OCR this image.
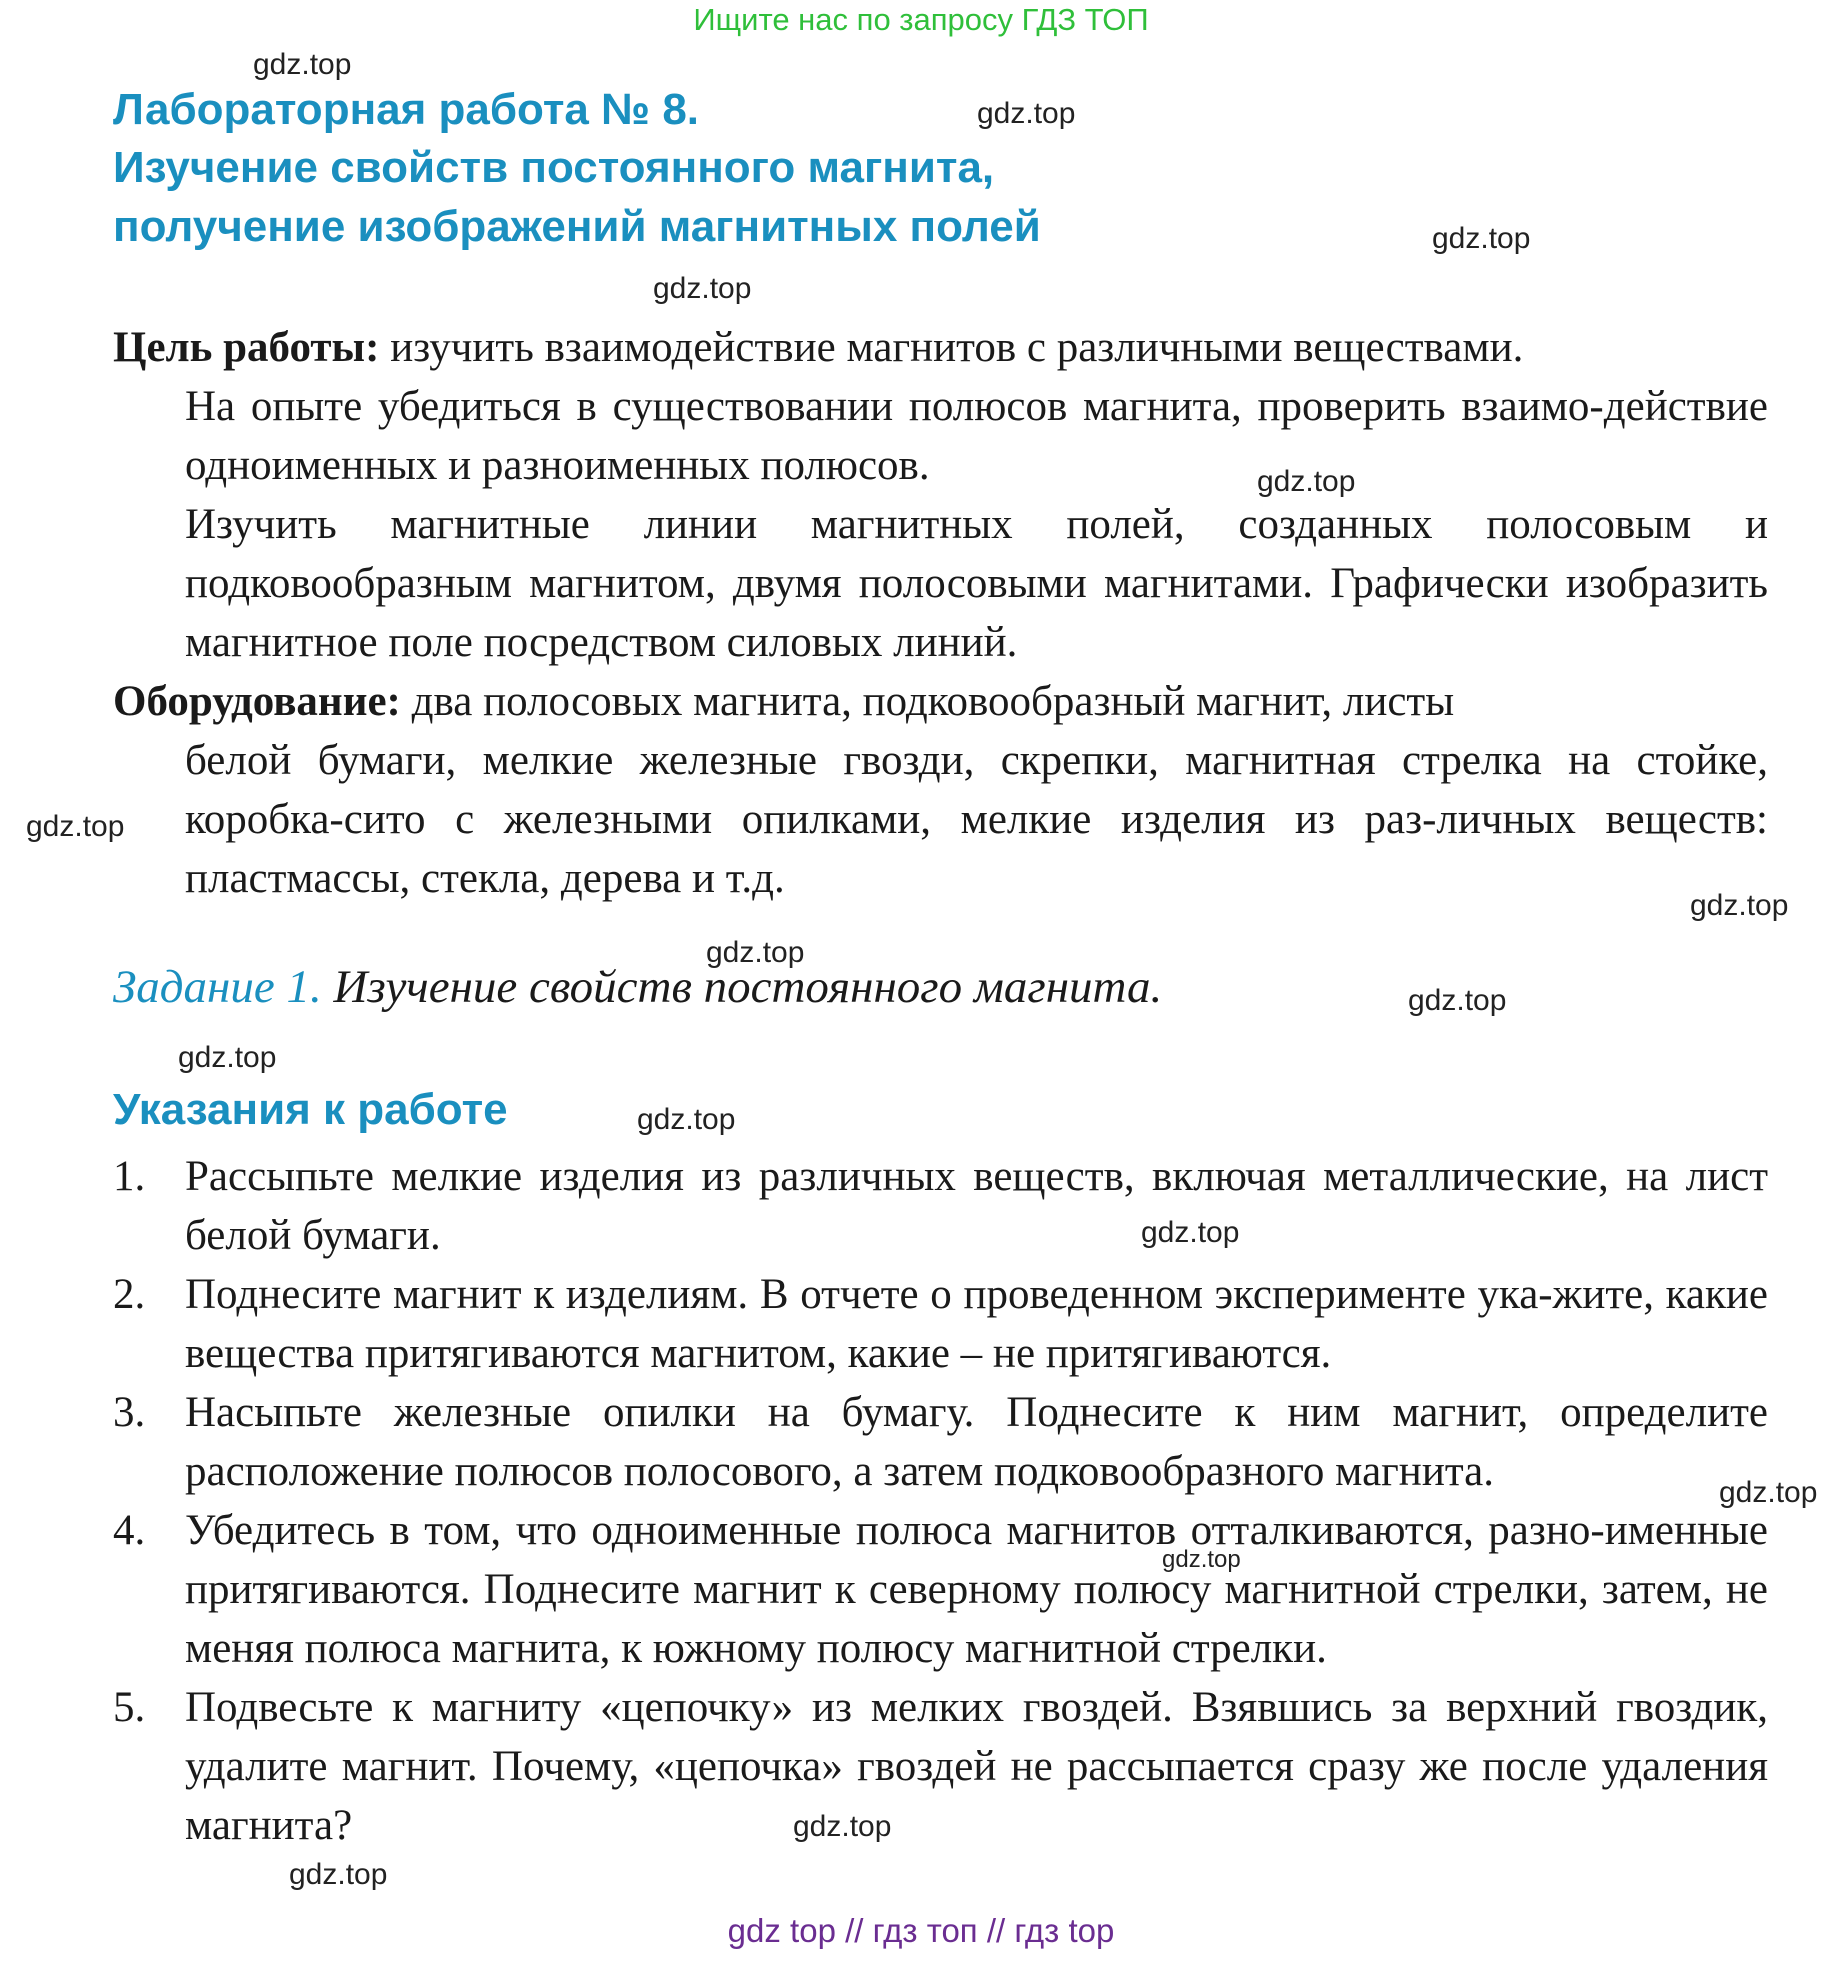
Ищите нас по запросу ГДЗ ТОП
Лабораторная работа № 8.
Изучение свойств постоянного магнита,
получение изображений магнитных полей
Цель работы: изучить взаимодействие магнитов с различными веществами.
На опыте убедиться в существовании полюсов магнита, проверить взаимо-действие одноименных и разноименных полюсов.
Изучить магнитные линии магнитных полей, созданных полосовым и подковообразным магнитом, двумя полосовыми магнитами. Графически изобразить магнитное поле посредством силовых линий.
Оборудование: два полосовых магнита, подковообразный магнит, листы
белой бумаги, мелкие железные гвозди, скрепки, магнитная стрелка на стойке, коробка-сито с железными опилками, мелкие изделия из раз-личных веществ: пластмассы, стекла, дерева и т.д.
Задание 1. Изучение свойств постоянного магнита.
Указания к работе
1. Рассыпьте мелкие изделия из различных веществ, включая металлические, на лист белой бумаги.
2. Поднесите магнит к изделиям. В отчете о проведенном эксперименте ука-жите, какие вещества притягиваются магнитом, какие – не притягиваются.
3. Насыпьте железные опилки на бумагу. Поднесите к ним магнит, определите расположение полюсов полосового, а затем подковообразного магнита.
4. Убедитесь в том, что одноименные полюса магнитов отталкиваются, разно-именные притягиваются. Поднесите магнит к северному полюсу магнитной стрелки, затем, не меняя полюса магнита, к южному полюсу магнитной стрелки.
5. Подвесьте к магниту «цепочку» из мелких гвоздей. Взявшись за верхний гвоздик, удалите магнит. Почему, «цепочка» гвоздей не рассыпается сразу же после удаления магнита?
gdz.top
gdz.top
gdz.top
gdz.top
gdz.top
gdz.top
gdz.top
gdz.top
gdz.top
gdz.top
gdz.top
gdz.top
gdz.top
gdz.top
gdz.top
gdz.top
gdz top // гдз топ // гдз top
